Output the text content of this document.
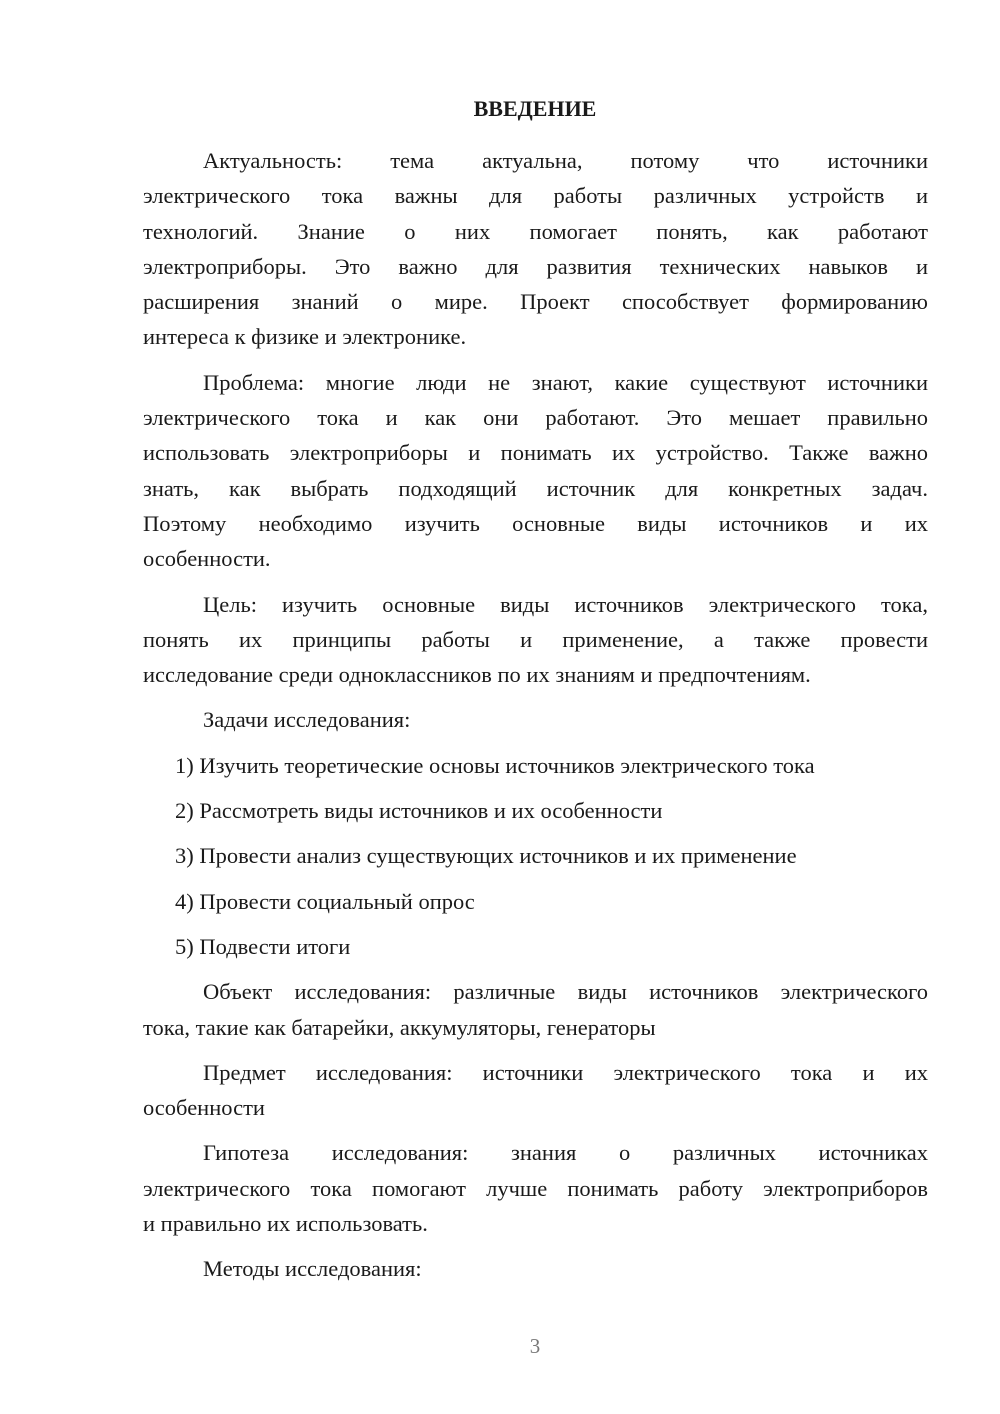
ВВЕДЕНИЕ
Актуальность: тема актуальна, потому что источники
электрического тока важны для работы различных устройств и
технологий. Знание о них помогает понять, как работают
электроприборы. Это важно для развития технических навыков и
расширения знаний о мире. Проект способствует формированию
интереса к физике и электронике.
Проблема: многие люди не знают, какие существуют источники
электрического тока и как они работают. Это мешает правильно
использовать электроприборы и понимать их устройство. Также важно
знать, как выбрать подходящий источник для конкретных задач.
Поэтому необходимо изучить основные виды источников и их
особенности.
Цель: изучить основные виды источников электрического тока,
понять их принципы работы и применение, а также провести
исследование среди одноклассников по их знаниям и предпочтениям.
Задачи исследования:
1) Изучить теоретические основы источников электрического тока
2) Рассмотреть виды источников и их особенности
3) Провести анализ существующих источников и их применение
4) Провести социальный опрос
5) Подвести итоги
Объект исследования: различные виды источников электрического
тока, такие как батарейки, аккумуляторы, генераторы
Предмет исследования: источники электрического тока и их
особенности
Гипотеза исследования: знания о различных источниках
электрического тока помогают лучше понимать работу электроприборов
и правильно их использовать.
Методы исследования:
3
